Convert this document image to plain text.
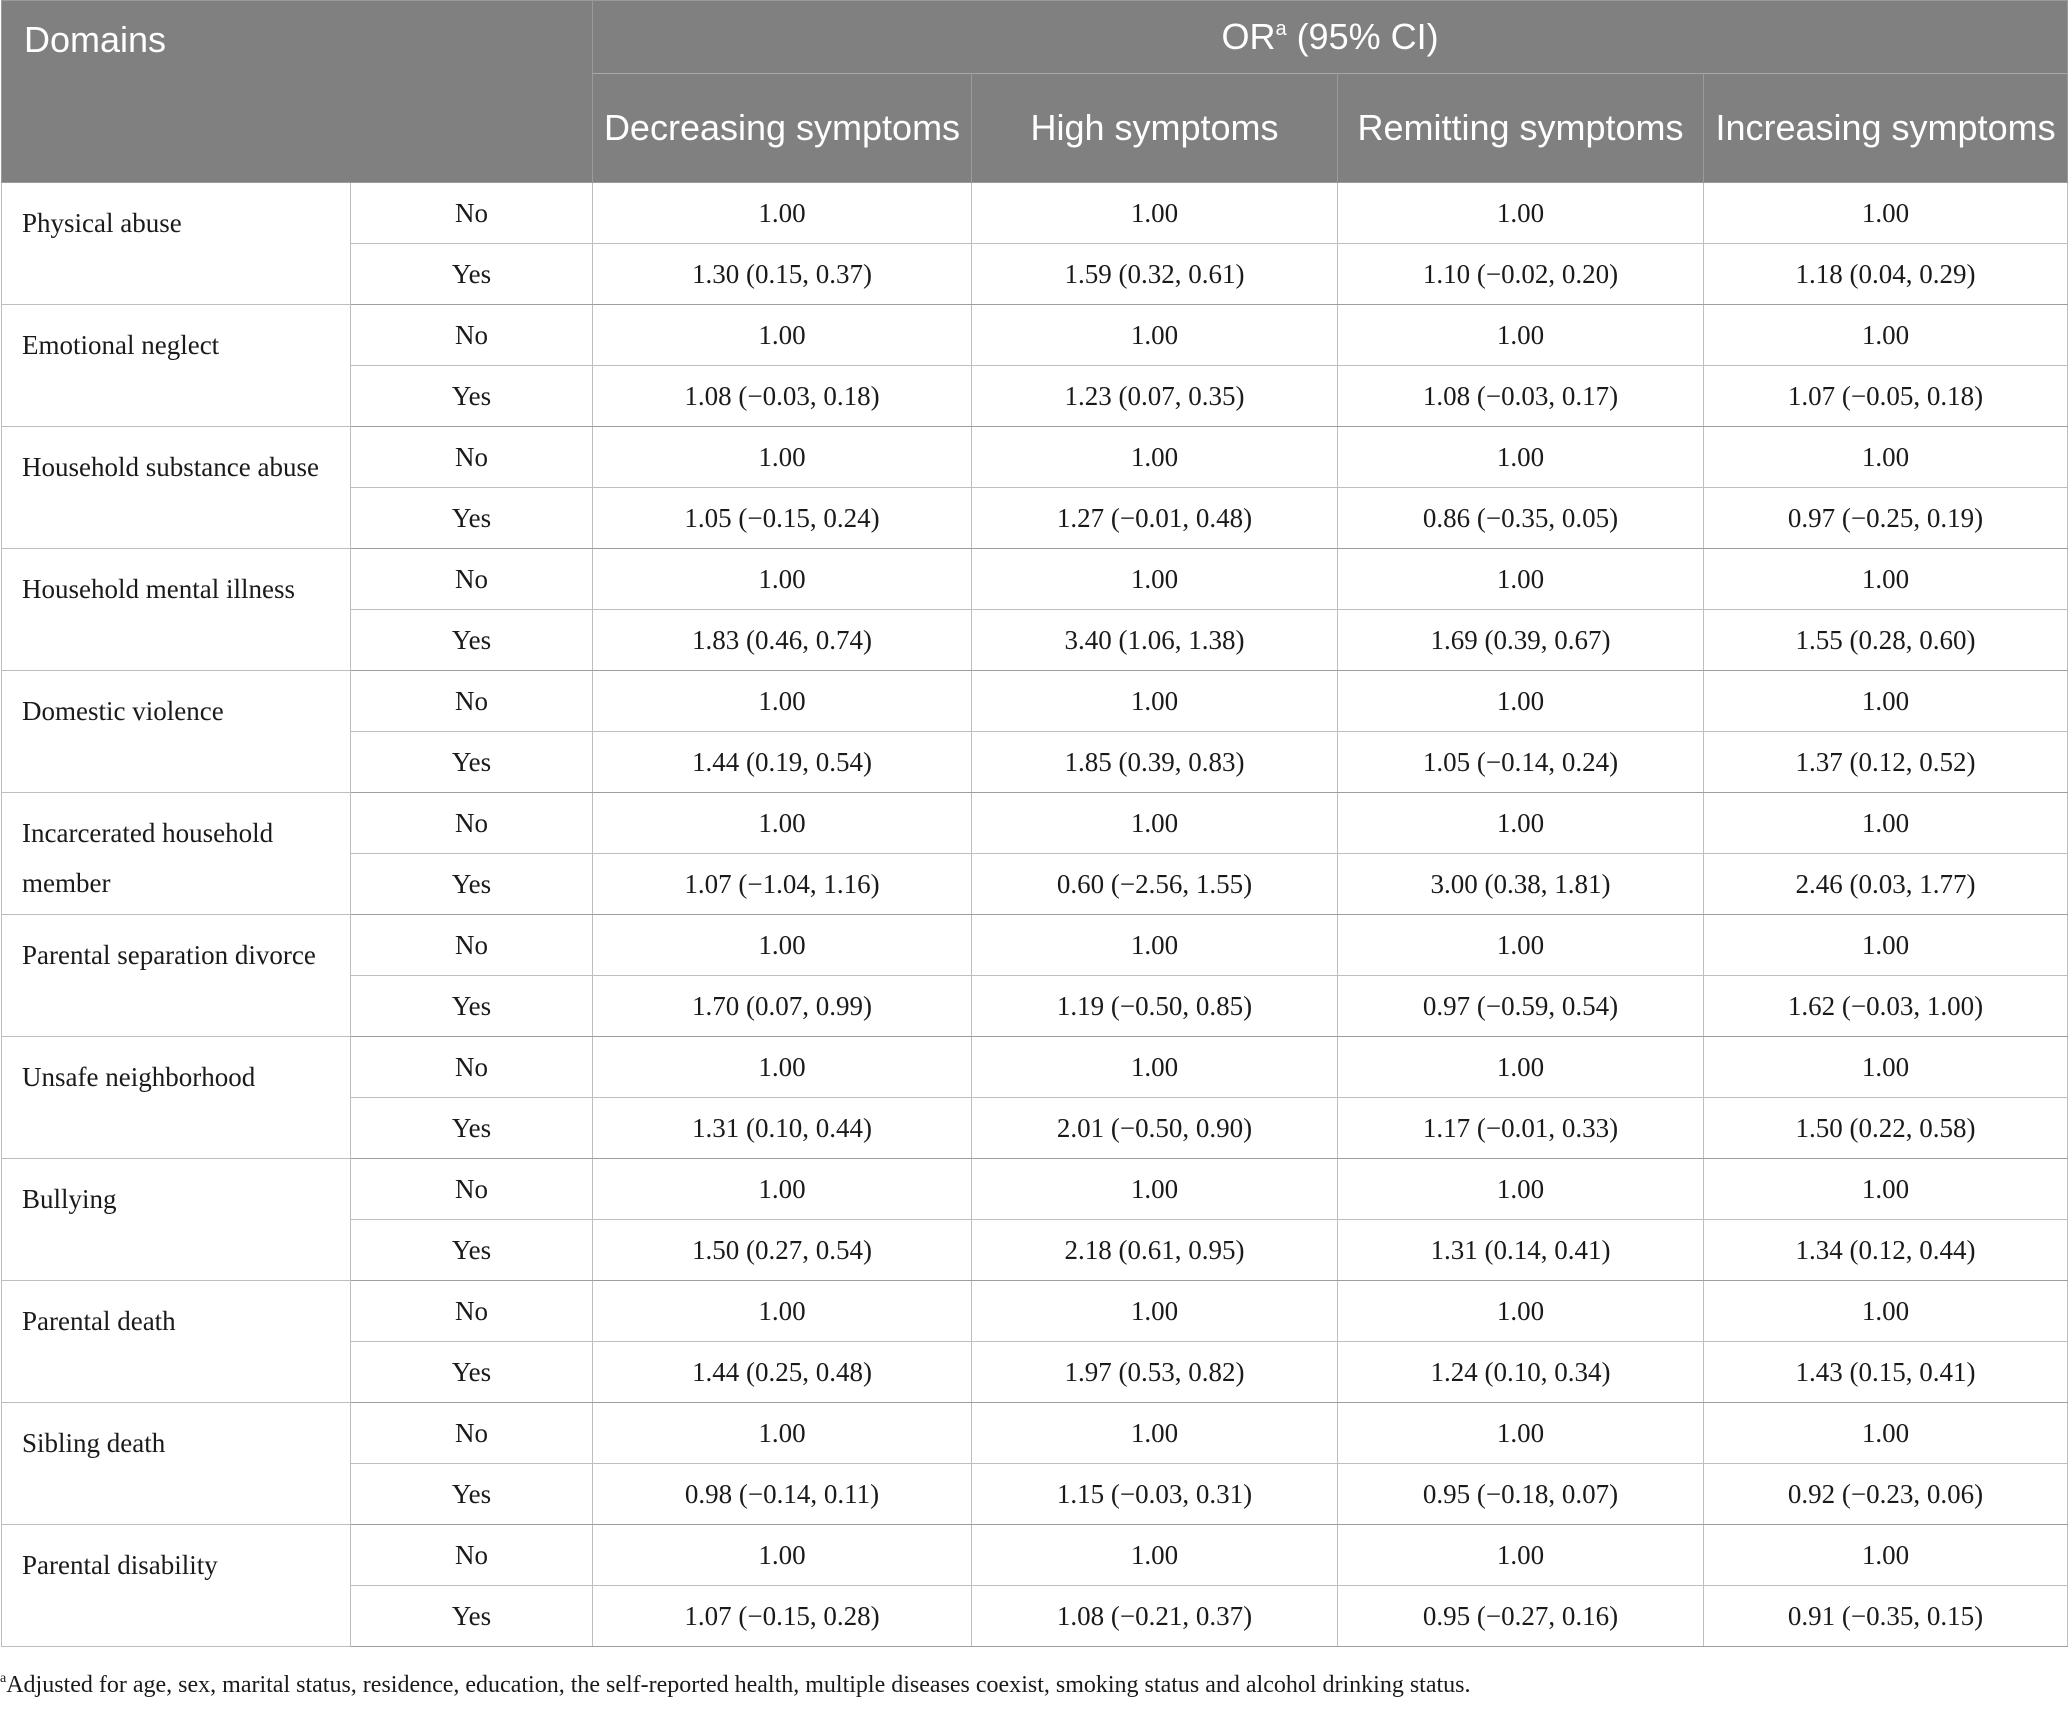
Domains		$OR^a$ (95% CI)			
		Decreasing symptoms	High symptoms	Remitting symptoms	Increasing symptoms
Physical abuse	No	1.00	1.00	1.00	1.00
	Yes	1.30 (0.15, 0.37)	1.59 (0.32, 0.61)	1.10 (−0.02, 0.20)	1.18 (0.04, 0.29)
Emotional neglect	No	1.00	1.00	1.00	1.00
	Yes	1.08 (−0.03, 0.18)	1.23 (0.07, 0.35)	1.08 (−0.03, 0.17)	1.07 (−0.05, 0.18)
Household substance abuse	No	1.00	1.00	1.00	1.00
	Yes	1.05 (−0.15, 0.24)	1.27 (−0.01, 0.48)	0.86 (−0.35, 0.05)	0.97 (−0.25, 0.19)
Household mental illness	No	1.00	1.00	1.00	1.00
	Yes	1.83 (0.46, 0.74)	3.40 (1.06, 1.38)	1.69 (0.39, 0.67)	1.55 (0.28, 0.60)
Domestic violence	No	1.00	1.00	1.00	1.00
	Yes	1.44 (0.19, 0.54)	1.85 (0.39, 0.83)	1.05 (−0.14, 0.24)	1.37 (0.12, 0.52)
Incarcerated household member	No	1.00	1.00	1.00	1.00
	Yes	1.07 (−1.04, 1.16)	0.60 (−2.56, 1.55)	3.00 (0.38, 1.81)	2.46 (0.03, 1.77)
Parental separation divorce	No	1.00	1.00	1.00	1.00
	Yes	1.70 (0.07, 0.99)	1.19 (−0.50, 0.85)	0.97 (−0.59, 0.54)	1.62 (−0.03, 1.00)
Unsafe neighborhood	No	1.00	1.00	1.00	1.00
	Yes	1.31 (0.10, 0.44)	2.01 (−0.50, 0.90)	1.17 (−0.01, 0.33)	1.50 (0.22, 0.58)
Bullying	No	1.00	1.00	1.00	1.00
	Yes	1.50 (0.27, 0.54)	2.18 (0.61, 0.95)	1.31 (0.14, 0.41)	1.34 (0.12, 0.44)
Parental death	No	1.00	1.00	1.00	1.00
	Yes	1.44 (0.25, 0.48)	1.97 (0.53, 0.82)	1.24 (0.10, 0.34)	1.43 (0.15, 0.41)
Sibling death	No	1.00	1.00	1.00	1.00
	Yes	0.98 (−0.14, 0.11)	1.15 (−0.03, 0.31)	0.95 (−0.18, 0.07)	0.92 (−0.23, 0.06)
Parental disability	No	1.00	1.00	1.00	1.00
	Yes	1.07 (−0.15, 0.28)	1.08 (−0.21, 0.37)	0.95 (−0.27, 0.16)	0.91 (−0.35, 0.15)
$^a$Adjusted for age, sex, marital status, residence, education, the self-reported health, multiple diseases coexist, smoking status and alcohol drinking status.
